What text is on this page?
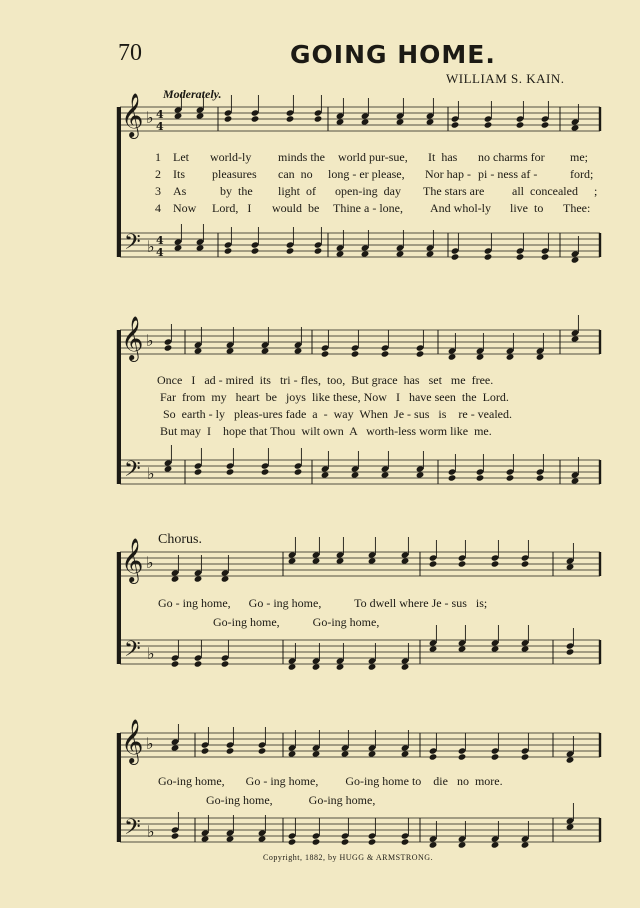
70	GOING HOME.
WILLIAM S. KAIN.
Moderately.
𝄞
𝄢
♭
♭
4
4
4
4
𝄞
𝄢
♭
♭
𝄞
𝄢
♭
♭
𝄞
𝄢
♭
♭
1	Let world-ly minds the world pur-sue, It  has no charms for me;
2	Its pleasures can  no long - er please, Nor hap - pi - ness af -	ford;
3	As	by  the light  of open-ing  day The stars are all  concealed ;
4	Now Lord,   I would  be Thine a - lone, And whol-ly live  to Thee:
Once   I   ad - mired  its   tri - fles,  too,  But grace  has   set   me  free.
Far  from  my   heart  be   joys  like these, Now   I   have seen  the  Lord.
So  earth - ly   pleas-ures fade  a  -  way  When  Je - sus   is    re - vealed.
But may  I    hope that Thou  wilt own  A   worth-less worm like  me.
Chorus.
Go - ing home,      Go - ing home,           To dwell where Je - sus   is;
Go-ing home,           Go-ing home,
Go-ing home,       Go - ing home,         Go-ing home to    die   no  more.
Go-ing home,            Go-ing home,
Copyright, 1882, by HUGG & ARMSTRONG.
